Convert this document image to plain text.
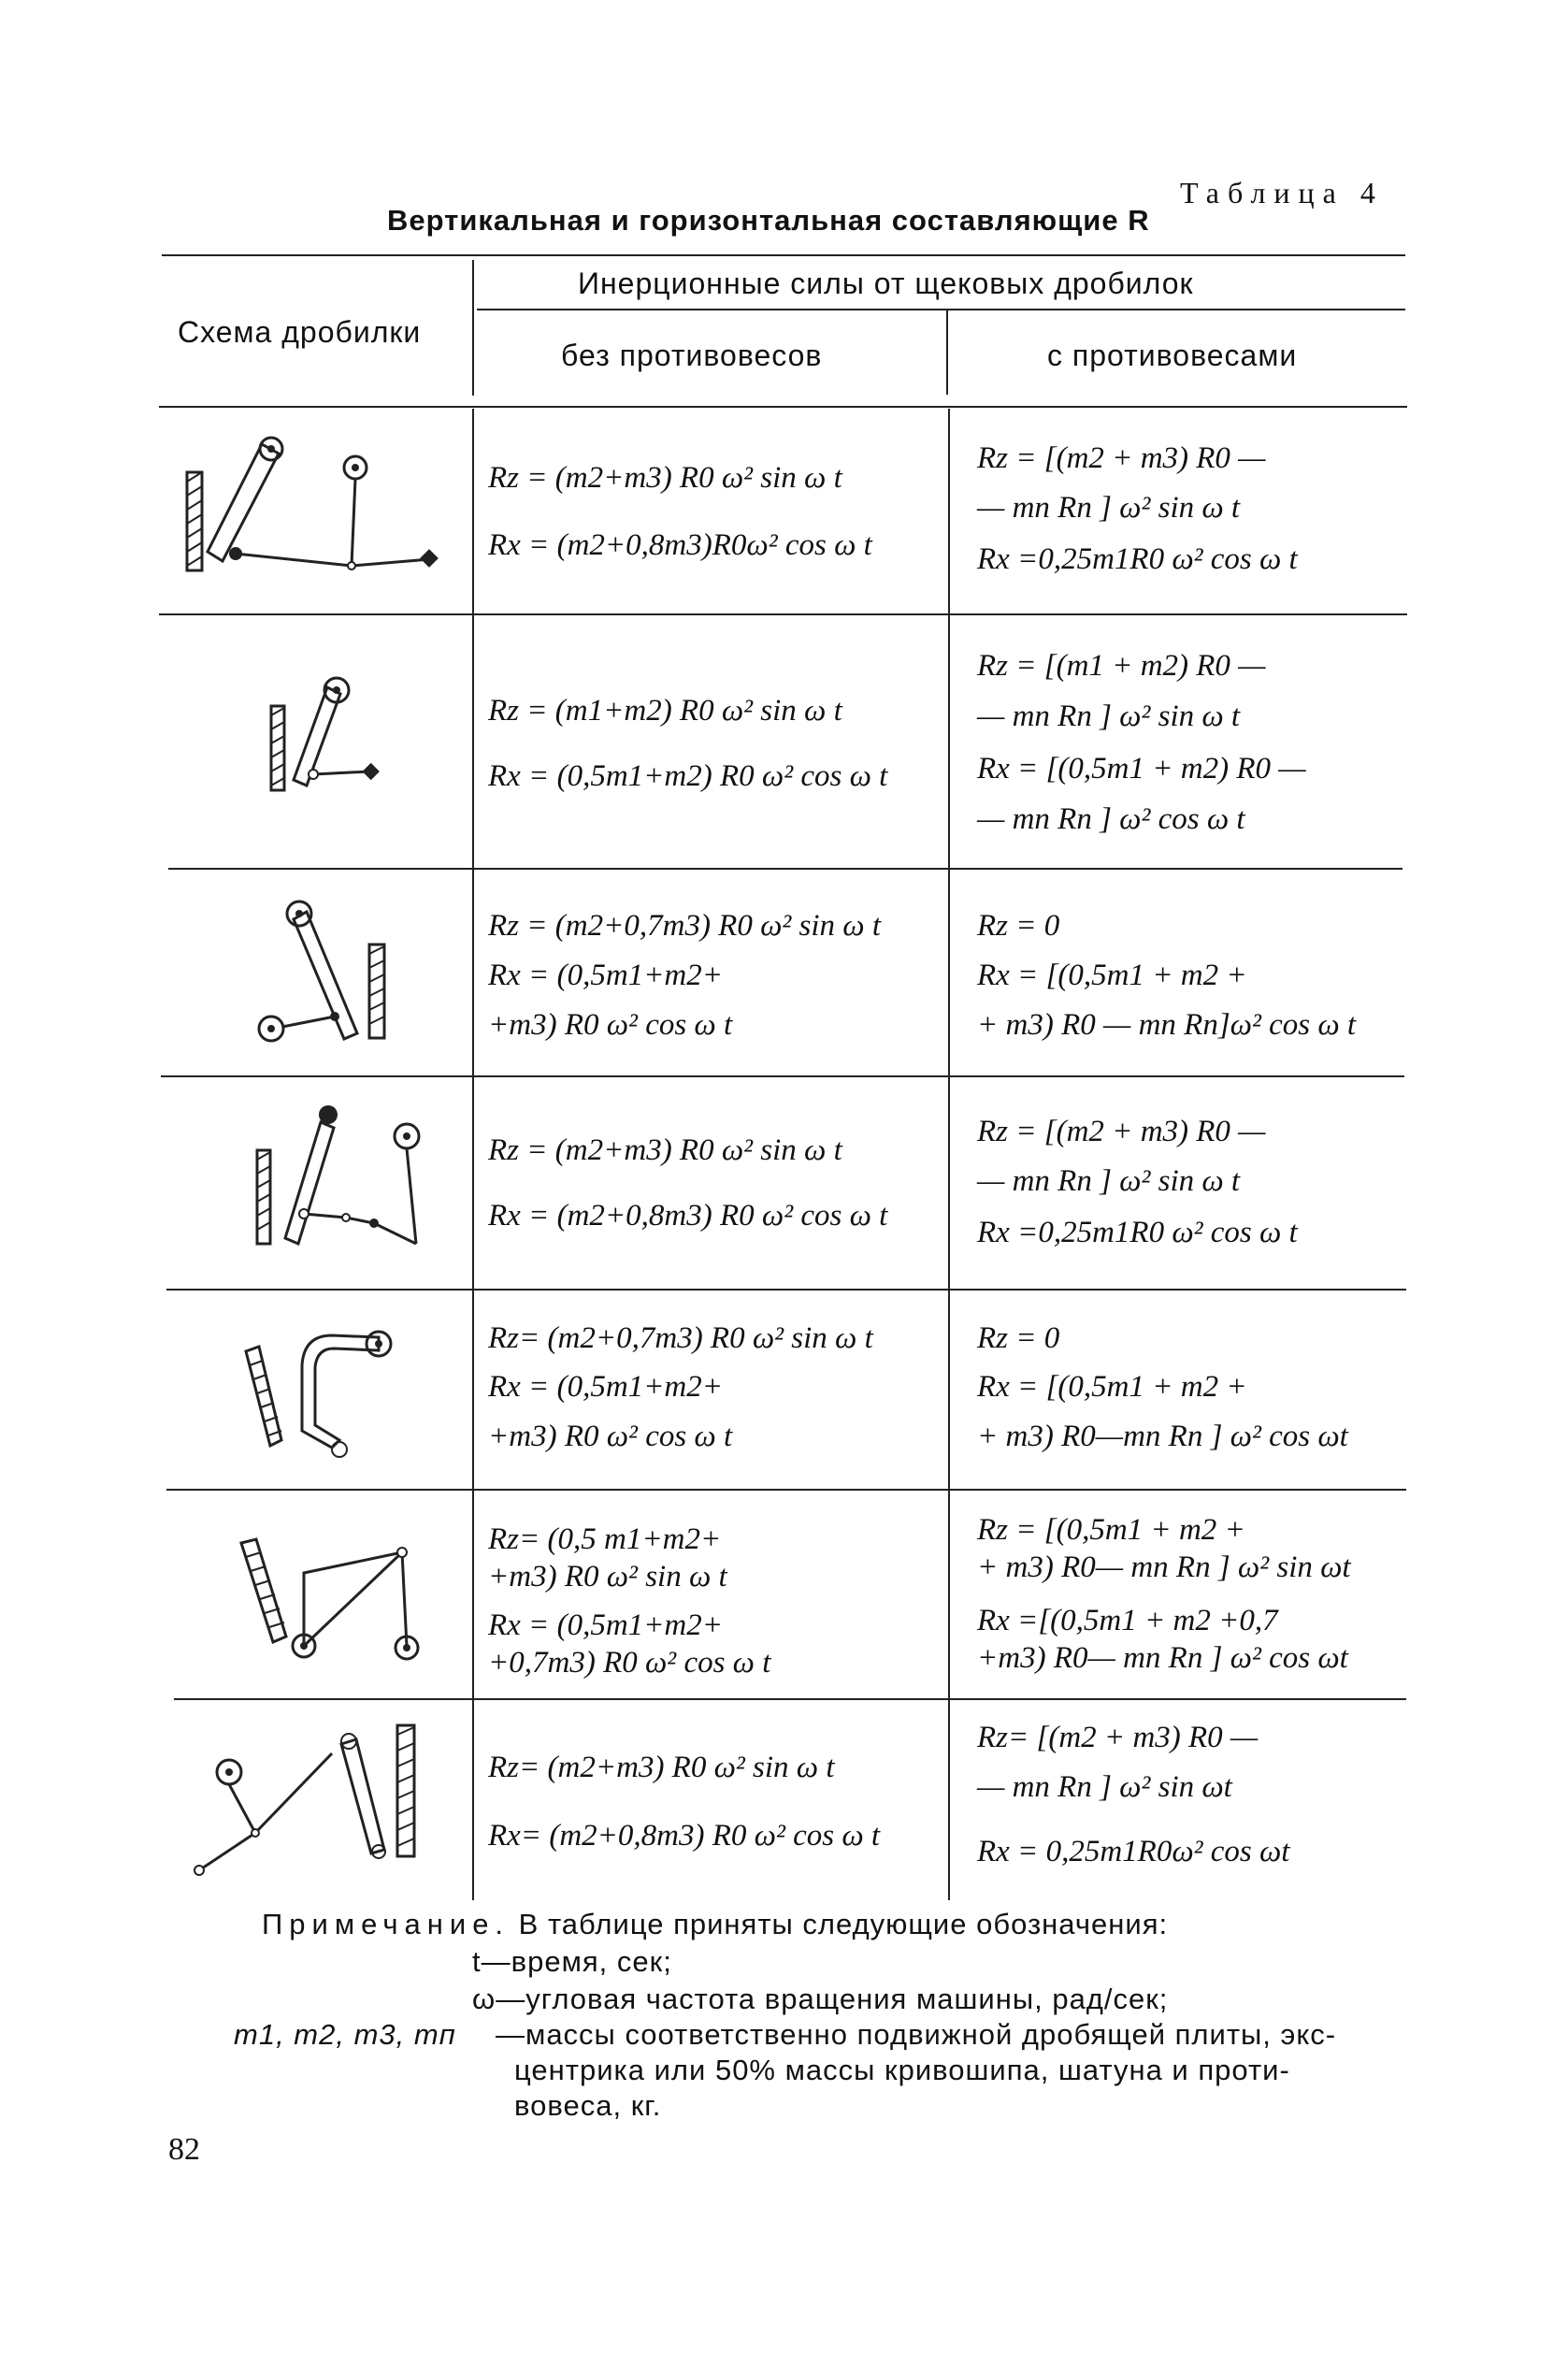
Таблица 4
Вертикальная и горизонтальная составляющие R
Схема дробилки
Инерционные силы от щековых дробилок
без противовесов	с противовесами
Rz = (m2+m3) R0 ω² sin ω t
Rx = (m2+0,8m3)R0ω² cos ω t
Rz = [(m2 + m3) R0 —
— mп Rп ] ω² sin ω t
Rx =0,25m1R0 ω² cos ω t
Rz = (m1+m2) R0 ω² sin ω t
Rx = (0,5m1+m2) R0 ω² cos ω t
Rz = [(m1 + m2) R0 —
— mп Rп ] ω² sin ω t
Rx = [(0,5m1 + m2) R0 —
— mп Rп ] ω² cos ω t
Rz = (m2+0,7m3) R0 ω² sin ω t
Rx = (0,5m1+m2+
+m3) R0 ω² cos ω t
Rz = 0
Rx = [(0,5m1 + m2 +
+ m3) R0 — mп Rп]ω² cos ω t
Rz = (m2+m3) R0 ω² sin ω t
Rx = (m2+0,8m3) R0 ω² cos ω t
Rz = [(m2 + m3) R0 —
— mп Rп ] ω² sin ω t
Rx =0,25m1R0 ω² cos ω t
Rz= (m2+0,7m3) R0 ω² sin ω t
Rx = (0,5m1+m2+
+m3) R0 ω² cos ω t
Rz = 0
Rx = [(0,5m1 + m2 +
+ m3) R0—mп Rп ] ω² cos ωt
Rz= (0,5 m1+m2+
+m3) R0 ω² sin ω t
Rx = (0,5m1+m2+
+0,7m3) R0 ω² cos ω t
Rz = [(0,5m1 + m2 +
+ m3) R0— mп Rп ] ω² sin ωt
Rx =[(0,5m1 + m2 +0,7
+m3) R0— mп Rп ] ω² cos ωt
Rz= (m2+m3) R0 ω² sin ω t
Rx= (m2+0,8m3) R0 ω² cos ω t
Rz= [(m2 + m3) R0 —
— mп Rп ] ω² sin ωt
Rx = 0,25m1R0ω² cos ωt
Примечание. В таблице приняты следующие обозначения:
t—время, сек;
ω—угловая частота вращения машины, рад/сек;
m1, m2, m3, mп —массы соответственно подвижной дробящей плиты, экс-
центрика или 50% массы кривошипа, шатуна и проти-
вовеса, кг.
82
